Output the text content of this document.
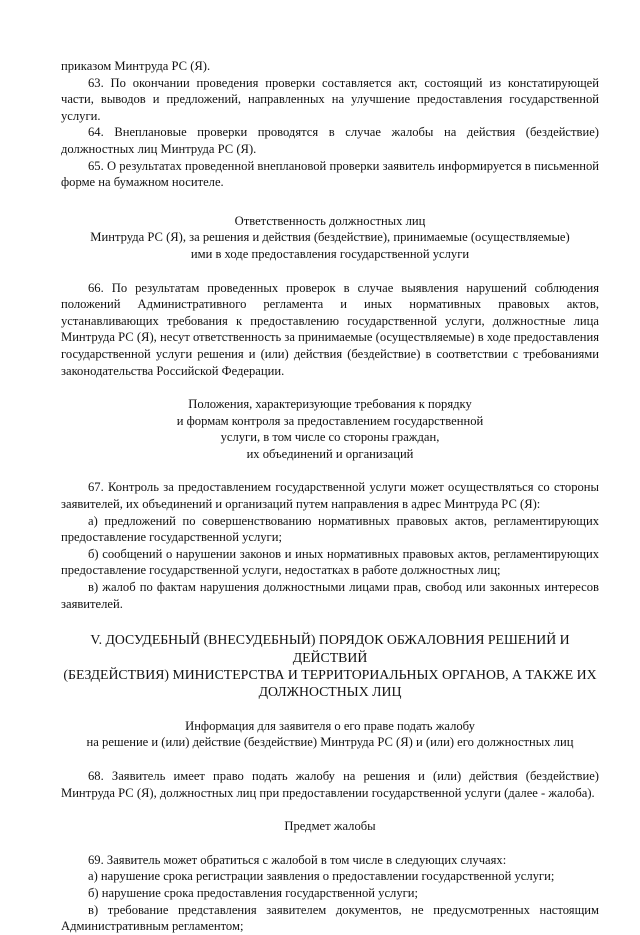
приказом Минтруда РС (Я).

63. По окончании проведения проверки составляется акт, состоящий из констатирующей части, выводов и предложений, направленных на улучшение предоставления государственной услуги.

64. Внеплановые проверки проводятся в случае жалобы на действия (бездействие) должностных лиц Минтруда РС (Я).

65. О результатах проведенной внеплановой проверки заявитель информируется в письменной форме на бумажном носителе.

Ответственность должностных лиц
Минтруда РС (Я), за решения и действия (бездействие), принимаемые (осуществляемые)
ими в ходе предоставления государственной услуги

66. По результатам проведенных проверок в случае выявления нарушений соблюдения положений Административного регламента и иных нормативных правовых актов, устанавливающих требования к предоставлению государственной услуги, должностные лица Минтруда РС (Я), несут ответственность за принимаемые (осуществляемые) в ходе предоставления государственной услуги решения и (или) действия (бездействие) в соответствии с требованиями законодательства Российской Федерации.

Положения, характеризующие требования к порядку
и формам контроля за предоставлением государственной
услуги, в том числе со стороны граждан,
их объединений и организаций

67. Контроль за предоставлением государственной услуги может осуществляться со стороны заявителей, их объединений и организаций путем направления в адрес Минтруда РС (Я):

а) предложений по совершенствованию нормативных правовых актов, регламентирующих предоставление государственной услуги;

б) сообщений о нарушении законов и иных нормативных правовых актов, регламентирующих предоставление государственной услуги, недостатках в работе должностных лиц;

в) жалоб по фактам нарушения должностными лицами прав, свобод или законных интересов заявителей.

V. ДОСУДЕБНЫЙ (ВНЕСУДЕБНЫЙ) ПОРЯДОК ОБЖАЛОВНИЯ РЕШЕНИЙ И ДЕЙСТВИЙ
(БЕЗДЕЙСТВИЯ) МИНИСТЕРСТВА И ТЕРРИТОРИАЛЬНЫХ ОРГАНОВ, А ТАКЖЕ ИХ
ДОЛЖНОСТНЫХ ЛИЦ
Информация для заявителя о его праве подать жалобу
на решение и (или) действие (бездействие) Минтруда РС (Я) и (или) его должностных лиц

68. Заявитель имеет право подать жалобу на решения и (или) действия (бездействие) Минтруда РС (Я), должностных лиц при предоставлении государственной услуги (далее - жалоба).

Предмет жалобы

69. Заявитель может обратиться с жалобой в том числе в следующих случаях:

а) нарушение срока регистрации заявления о предоставлении государственной услуги;

б) нарушение срока предоставления государственной услуги;

в) требование представления заявителем документов, не предусмотренных настоящим Административным регламентом;
